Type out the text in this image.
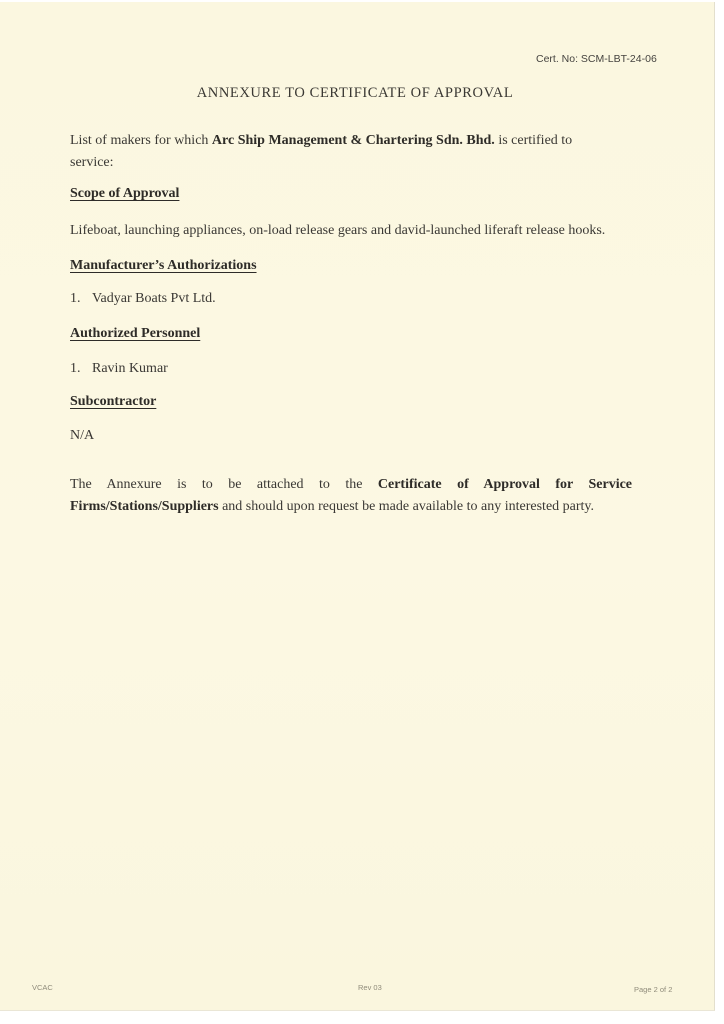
Cert. No: SCM-LBT-24-06
ANNEXURE TO CERTIFICATE OF APPROVAL

List of makers for which Arc Ship Management & Chartering Sdn. Bhd. is certified to service:

Scope of Approval

Lifeboat, launching appliances, on-load release gears and david-launched liferaft release hooks.

Manufacturer’s Authorizations

1. Vadyar Boats Pvt Ltd.

Authorized Personnel

1. Ravin Kumar

Subcontractor

N/A

The Annexure is to be attached to the Certificate of Approval for Service Firms/Stations/Suppliers and should upon request be made available to any interested party.

VCAC	Rev 03	Page 2 of 2
